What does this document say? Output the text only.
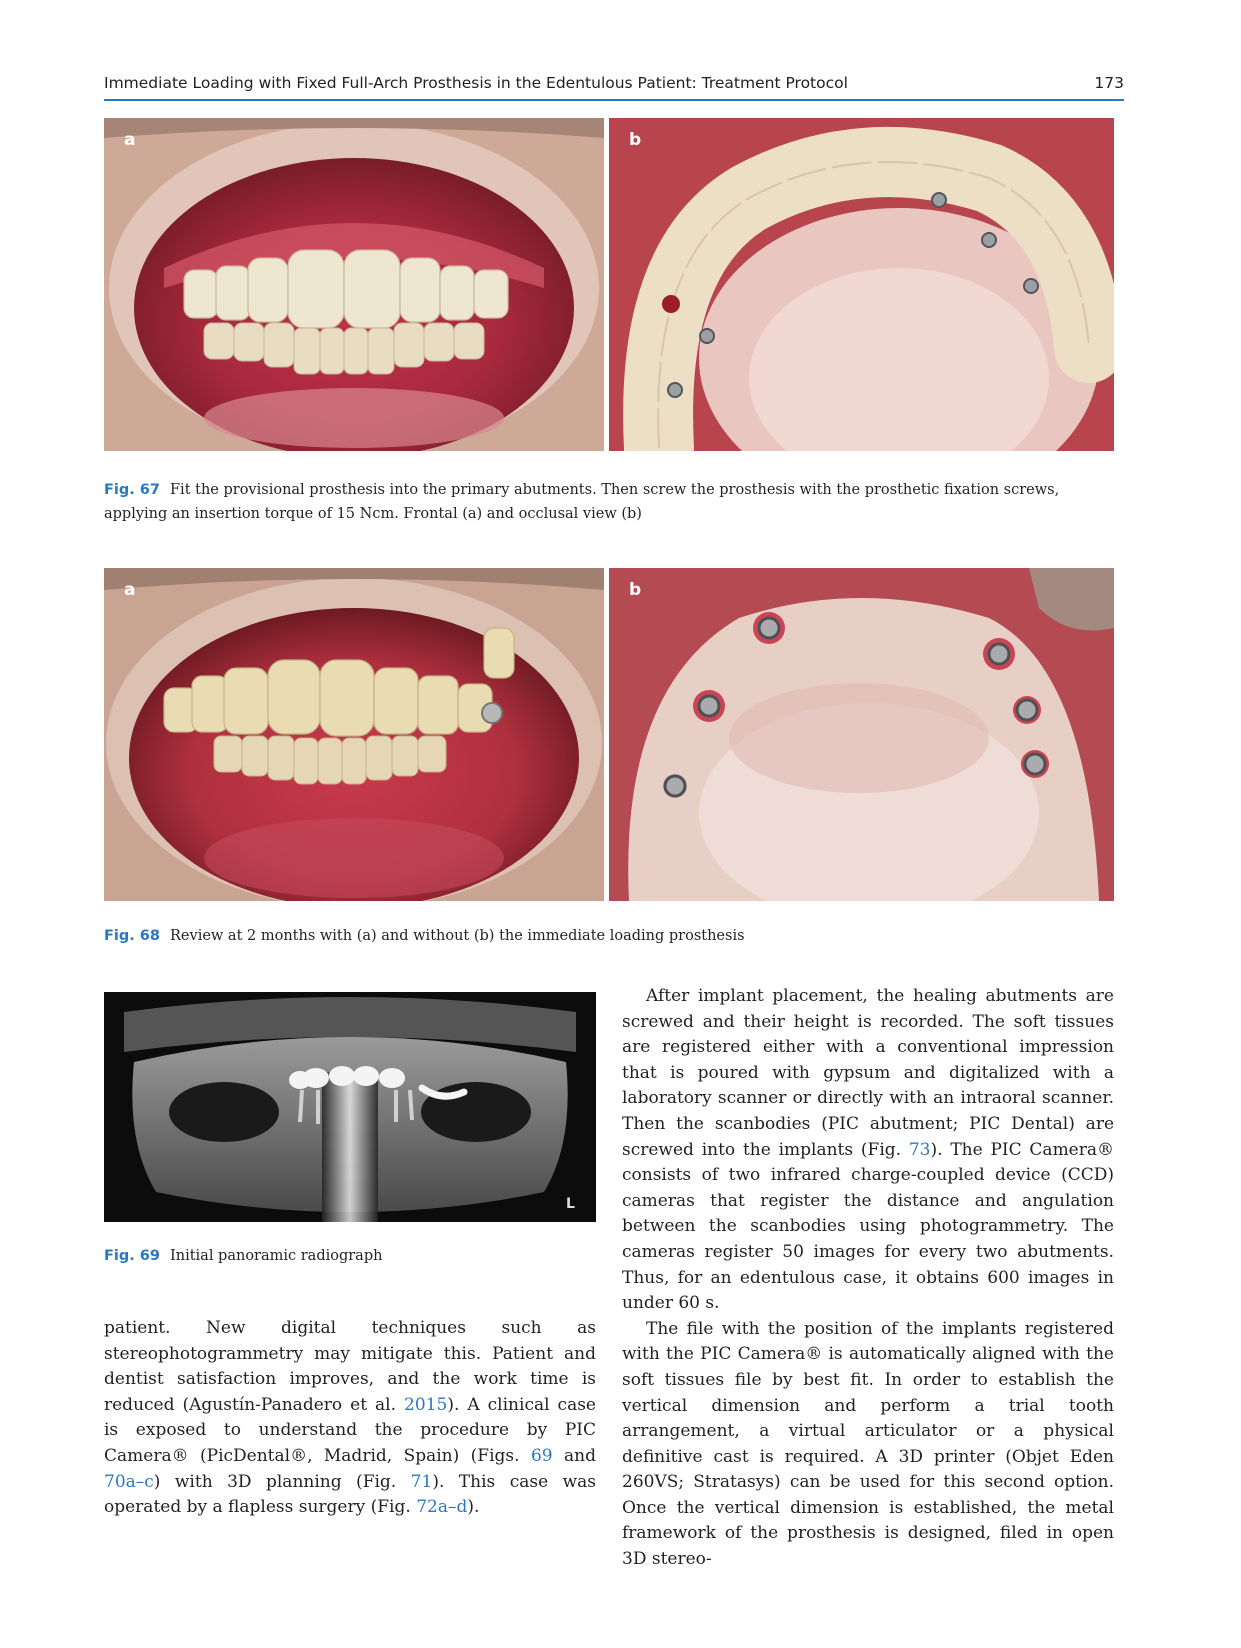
Immediate Loading with Fixed Full-Arch Prosthesis in the Edentulous Patient: Treatment Protocol	173
a	b
Fig. 67 Fit the provisional prosthesis into the primary abutments. Then screw the prosthesis with the prosthetic fixation screws, applying an insertion torque of 15 Ncm. Frontal (a) and occlusal view (b)
a	b
Fig. 68 Review at 2 months with (a) and without (b) the immediate loading prosthesis
L
Fig. 69 Initial panoramic radiograph

patient. New digital techniques such as stereophotogrammetry may mitigate this. Patient and dentist satisfaction improves, and the work time is reduced (Agustín-Panadero et al. 2015). A clinical case is exposed to understand the procedure by PIC Camera® (PicDental®, Madrid, Spain) (Figs. 69 and 70a–c) with 3D planning (Fig. 71). This case was operated by a flapless surgery (Fig. 72a–d).

After implant placement, the healing abutments are screwed and their height is recorded. The soft tissues are registered either with a conventional impression that is poured with gypsum and digitalized with a laboratory scanner or directly with an intraoral scanner. Then the scanbodies (PIC abutment; PIC Dental) are screwed into the implants (Fig. 73). The PIC Camera® consists of two infrared charge-coupled device (CCD) cameras that register the distance and angulation between the scanbodies using photogrammetry. The cameras register 50 images for every two abutments. Thus, for an edentulous case, it obtains 600 images in under 60 s.

The file with the position of the implants registered with the PIC Camera® is automatically aligned with the soft tissues file by best fit. In order to establish the vertical dimension and perform a trial tooth arrangement, a virtual articulator or a physical definitive cast is required. A 3D printer (Objet Eden 260VS; Stratasys) can be used for this second option. Once the vertical dimension is established, the metal framework of the prosthesis is designed, filed in open 3D stereo-
